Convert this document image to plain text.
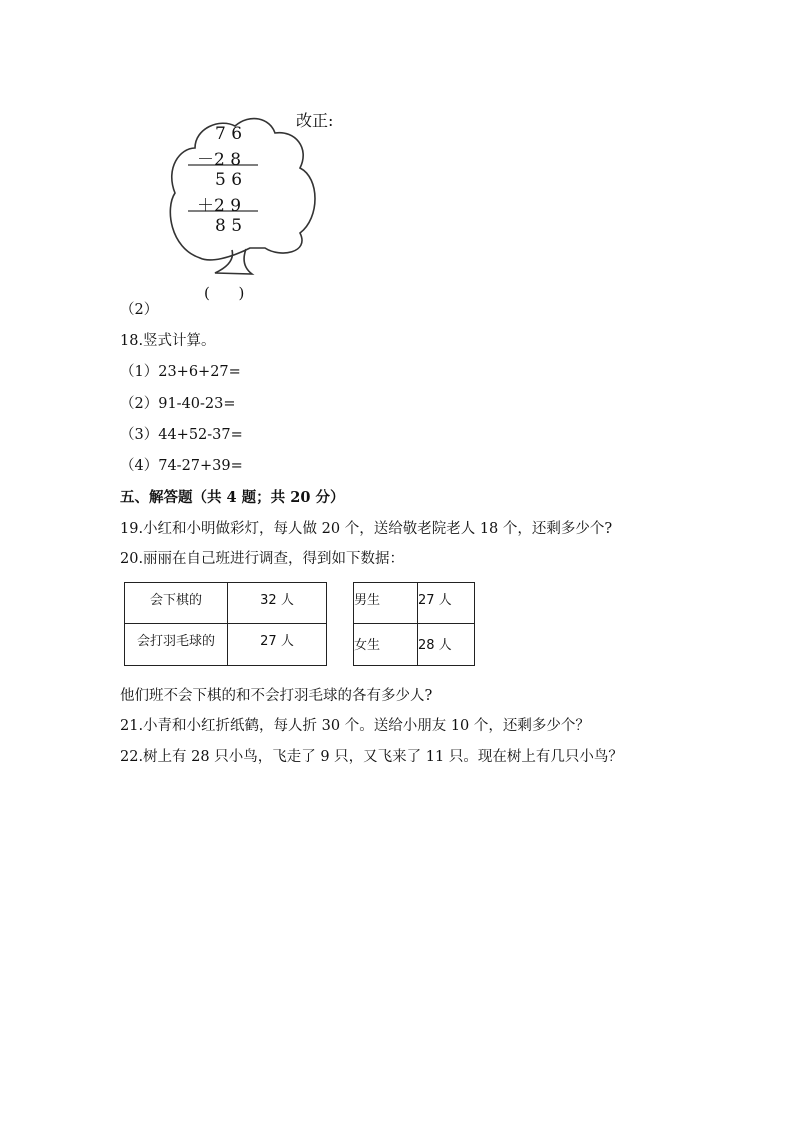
改正:
7 6
－2 8
5 6
＋2 9
8 5
(      )
（2）
18.竖式计算。
（1）23+6+27=
（2）91-40-23=
（3）44+52-37=
（4）74-27+39=
五、解答题（共 4 题；共 20 分）
19.小红和小明做彩灯，每人做 20 个，送给敬老院老人 18 个，还剩多少个?
20.丽丽在自己班进行调查，得到如下数据：
会下棋的	32 人

会打羽毛球的	27 人
男生	27 人

女生	28 人
他们班不会下棋的和不会打羽毛球的各有多少人?
21.小青和小红折纸鹤，每人折 30 个。送给小朋友 10 个，还剩多少个？
22.树上有 28 只小鸟，飞走了 9 只，又飞来了 11 只。现在树上有几只小鸟？
